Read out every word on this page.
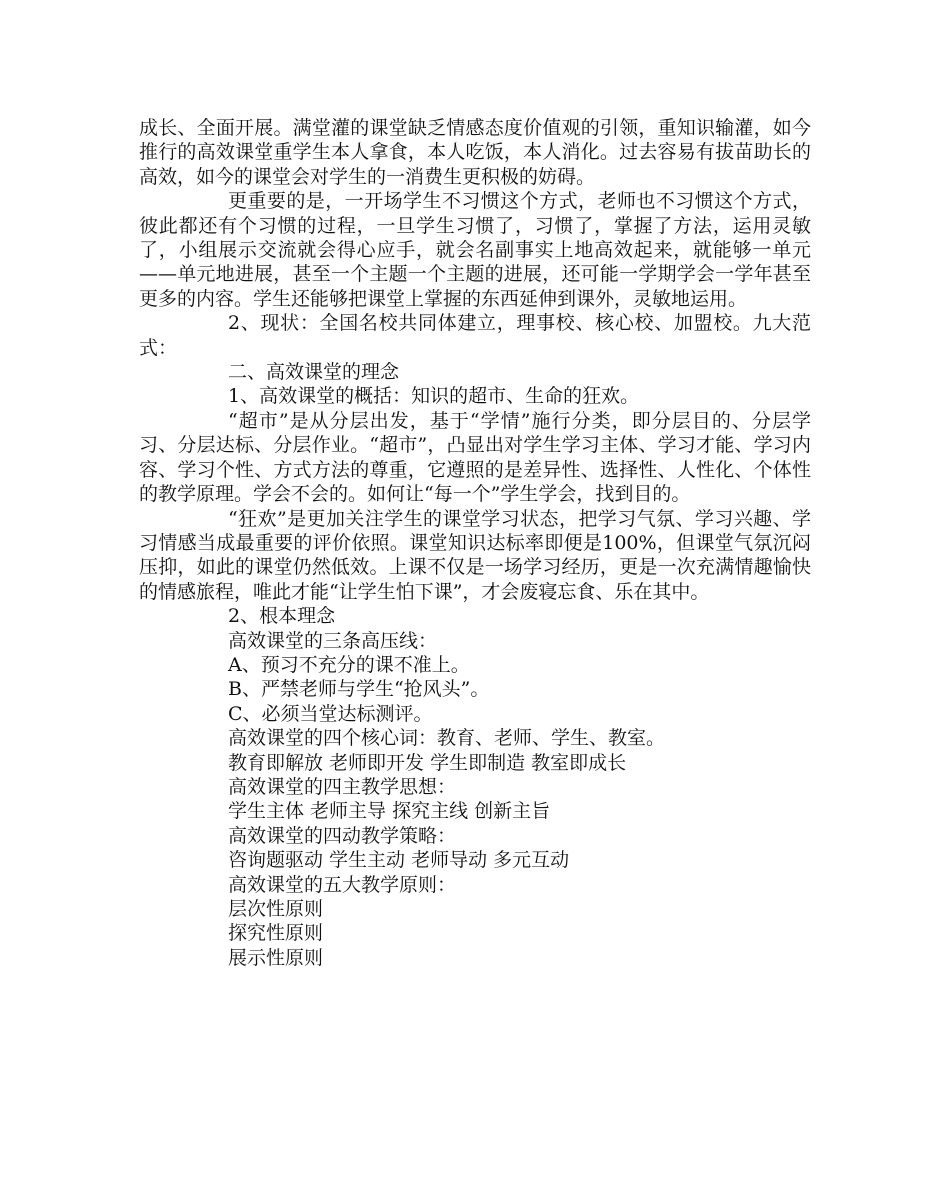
成长、全面开展。满堂灌的课堂缺乏情感态度价值观的引领，重知识输灌，如今推行的高效课堂重学生本人拿食，本人吃饭，本人消化。过去容易有拔苗助长的高效，如今的课堂会对学生的一消费生更积极的妨碍。

更重要的是，一开场学生不习惯这个方式，老师也不习惯这个方式，彼此都还有个习惯的过程，一旦学生习惯了，习惯了，掌握了方法，运用灵敏了，小组展示交流就会得心应手，就会名副事实上地高效起来，就能够一单元——单元地进展，甚至一个主题一个主题的进展，还可能一学期学会一学年甚至更多的内容。学生还能够把课堂上掌握的东西延伸到课外，灵敏地运用。

2、现状：全国名校共同体建立，理事校、核心校、加盟校。九大范式：

二、高效课堂的理念

1、高效课堂的概括：知识的超市、生命的狂欢。

“超市”是从分层出发，基于“学情”施行分类，即分层目的、分层学习、分层达标、分层作业。“超市”，凸显出对学生学习主体、学习才能、学习内容、学习个性、方式方法的尊重，它遵照的是差异性、选择性、人性化、个体性的教学原理。学会不会的。如何让“每一个”学生学会，找到目的。

“狂欢”是更加关注学生的课堂学习状态，把学习气氛、学习兴趣、学习情感当成最重要的评价依照。课堂知识达标率即便是100%，但课堂气氛沉闷压抑，如此的课堂仍然低效。上课不仅是一场学习经历，更是一次充满情趣愉快的情感旅程，唯此才能“让学生怕下课”，才会废寝忘食、乐在其中。

2、根本理念

高效课堂的三条高压线：

A、预习不充分的课不准上。

B、严禁老师与学生“抢风头”。

C、必须当堂达标测评。

高效课堂的四个核心词：教育、老师、学生、教室。

教育即解放 老师即开发 学生即制造 教室即成长

高效课堂的四主教学思想：

学生主体 老师主导 探究主线 创新主旨

高效课堂的四动教学策略：

咨询题驱动 学生主动 老师导动 多元互动

高效课堂的五大教学原则：

层次性原则

探究性原则

展示性原则
